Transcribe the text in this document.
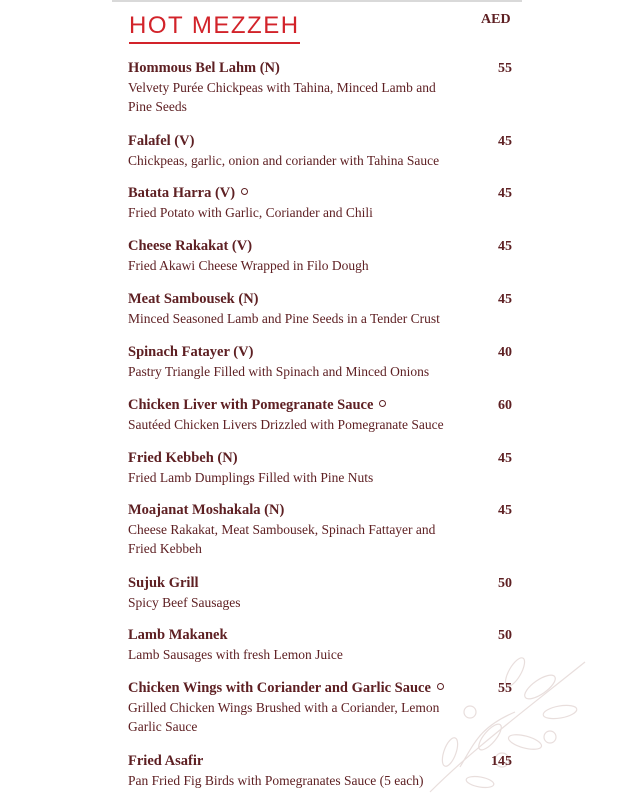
HOT MEZZEH	AED
Hommous Bel Lahm (N)
Velvety Purée Chickpeas with Tahina, Minced Lamb and Pine Seeds
55
Falafel (V)
Chickpeas, garlic, onion and coriander with Tahina Sauce
45
Batata Harra (V)
Fried Potato with Garlic, Coriander and Chili
45
Cheese Rakakat (V)
Fried Akawi Cheese Wrapped in Filo Dough
45
Meat Sambousek (N)
Minced Seasoned Lamb and Pine Seeds in a Tender Crust
45
Spinach Fatayer (V)
Pastry Triangle Filled with Spinach and Minced Onions
40
Chicken Liver with Pomegranate Sauce
Sautéed Chicken Livers Drizzled with Pomegranate Sauce
60
Fried Kebbeh (N)
Fried Lamb Dumplings Filled with Pine Nuts
45
Moajanat Moshakala (N)
Cheese Rakakat, Meat Sambousek, Spinach Fattayer and Fried Kebbeh
45
Sujuk Grill
Spicy Beef Sausages
50
Lamb Makanek
Lamb Sausages with fresh Lemon Juice
50
Chicken Wings with Coriander and Garlic Sauce
Grilled Chicken Wings Brushed with a Coriander, Lemon Garlic Sauce
55
Fried Asafir
Pan Fried Fig Birds with Pomegranates Sauce (5 each)
145
